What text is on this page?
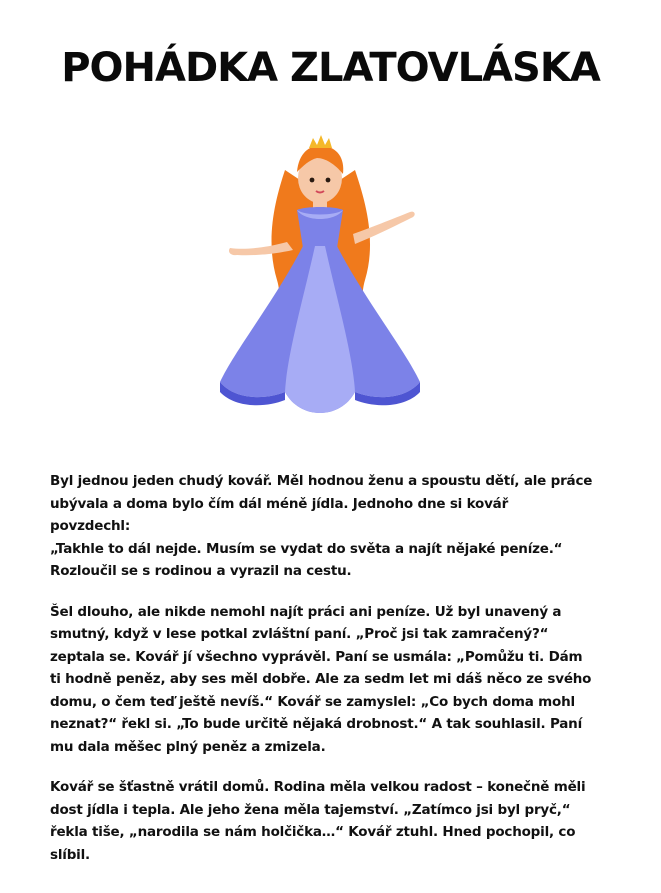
POHÁDKA ZLATOVLÁSKA

Byl jednou jeden chudý kovář. Měl hodnou ženu a spoustu dětí, ale práce
ubývala a doma bylo čím dál méně jídla. Jednoho dne si kovář
povzdechl:
„Takhle to dál nejde. Musím se vydat do světa a najít nějaké peníze.“
Rozloučil se s rodinou a vyrazil na cestu.

Šel dlouho, ale nikde nemohl najít práci ani peníze. Už byl unavený a
smutný, když v lese potkal zvláštní paní. „Proč jsi tak zamračený?“
zeptala se. Kovář jí všechno vyprávěl. Paní se usmála: „Pomůžu ti. Dám
ti hodně peněz, aby ses měl dobře. Ale za sedm let mi dáš něco ze svého
domu, o čem teď ještě nevíš.“ Kovář se zamyslel: „Co bych doma mohl
neznat?“ řekl si. „To bude určitě nějaká drobnost.“ A tak souhlasil. Paní
mu dala měšec plný peněz a zmizela.

Kovář se šťastně vrátil domů. Rodina měla velkou radost – konečně měli
dost jídla i tepla. Ale jeho žena měla tajemství. „Zatímco jsi byl pryč,“
řekla tiše, „narodila se nám holčička…“ Kovář ztuhl. Hned pochopil, co
slíbil.
